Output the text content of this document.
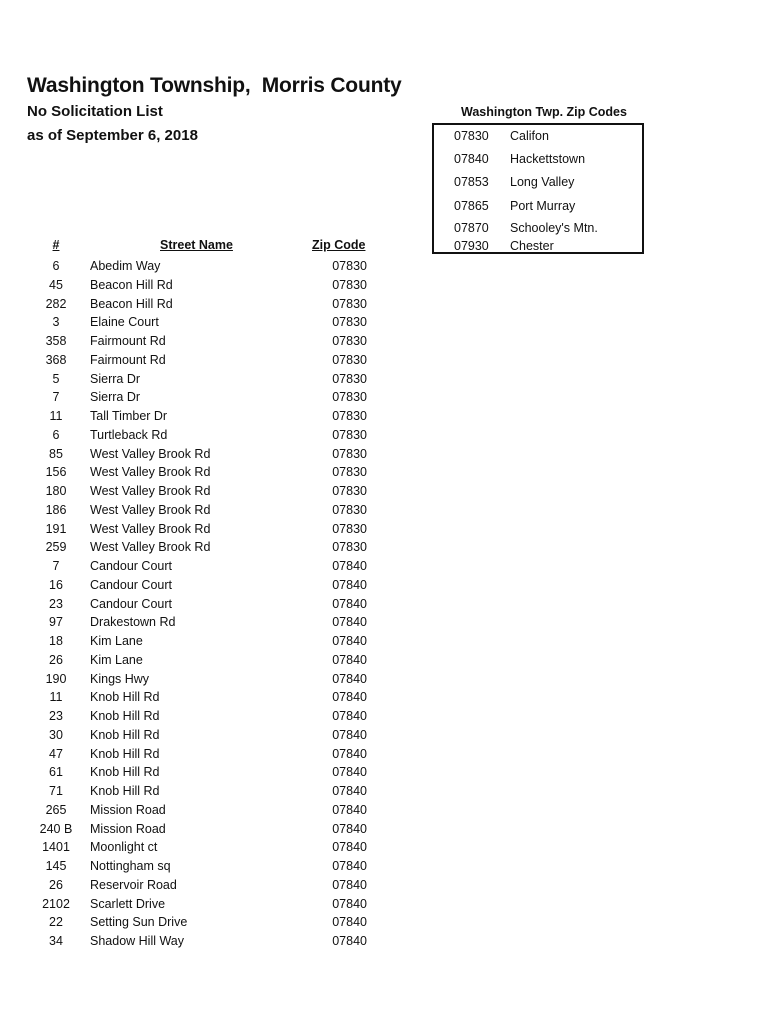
Washington Township,  Morris County
No Solicitation List
as of September 6, 2018
Washington Twp. Zip Codes
07830 Califon
07840 Hackettstown
07853 Long Valley
07865 Port Murray
07870 Schooley's Mtn.
07930 Chester
#	Street Name	Zip Code
6	Abedim Way	07830
45	Beacon Hill Rd	07830
282	Beacon Hill Rd	07830
3	Elaine Court	07830
358	Fairmount Rd	07830
368	Fairmount Rd	07830
5	Sierra Dr	07830
7	Sierra Dr	07830
11	Tall Timber Dr	07830
6	Turtleback Rd	07830
85	West Valley Brook Rd	07830
156	West Valley Brook Rd	07830
180	West Valley Brook Rd	07830
186	West Valley Brook Rd	07830
191	West Valley Brook Rd	07830
259	West Valley Brook Rd	07830
7	Candour Court	07840
16	Candour Court	07840
23	Candour Court	07840
97	Drakestown Rd	07840
18	Kim Lane	07840
26	Kim Lane	07840
190	Kings Hwy	07840
11	Knob Hill Rd	07840
23	Knob Hill Rd	07840
30	Knob Hill Rd	07840
47	Knob Hill Rd	07840
61	Knob Hill Rd	07840
71	Knob Hill Rd	07840
265	Mission Road	07840
240 B	Mission Road	07840
1401	Moonlight ct	07840
145	Nottingham sq	07840
26	Reservoir Road	07840
2102	Scarlett Drive	07840
22	Setting Sun Drive	07840
34	Shadow Hill Way	07840
